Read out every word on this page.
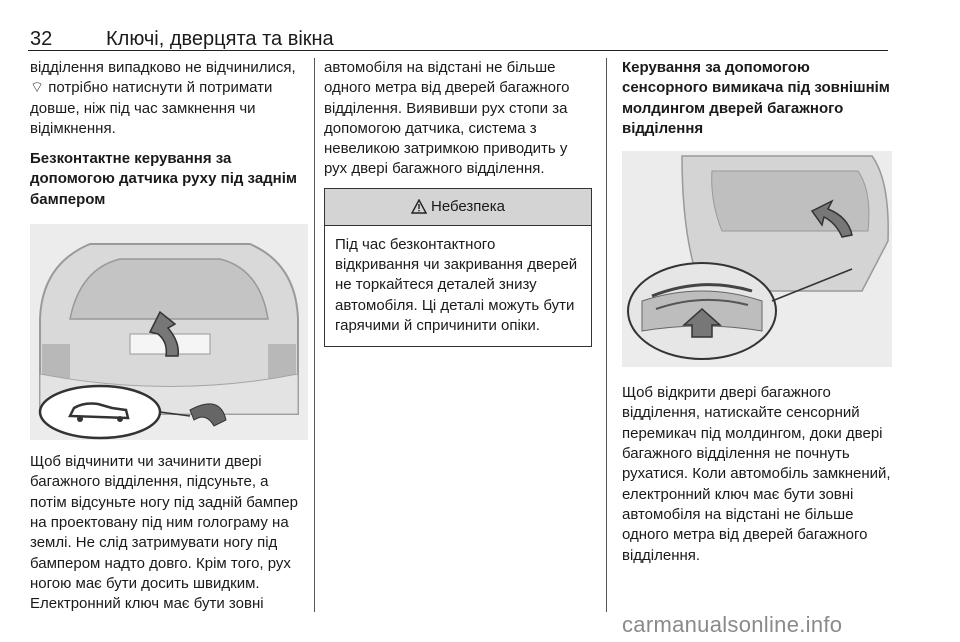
32	Ключі, дверцята та вікна

відділення випадково не відчинилися, ⌔ потрібно натиснути й потримати довше, ніж під час замкнення чи відімкнення.

Безконтактне керування за допомогою датчика руху під заднім бампером

Щоб відчинити чи зачинити двері багажного відділення, підсуньте, а потім відсуньте ногу під задній бампер на проектовану під ним голограму на землі. Не слід затримувати ногу під бампером надто довго. Крім того, рух ногою має бути досить швидким. Електронний ключ має бути зовні

автомобіля на відстані не більше одного метра від дверей багажного відділення. Виявивши рух стопи за допомогою датчика, система з невеликою затримкою приводить у рух двері багажного відділення.

Небезпека

Під час безконтактного відкривання чи закривання дверей не торкайтеся деталей знизу автомобіля. Ці деталі можуть бути гарячими й спричинити опіки.

Керування за допомогою сенсорного вимикача під зовнішнім молдингом дверей багажного відділення

Щоб відкрити двері багажного відділення, натискайте сенсорний перемикач під молдингом, доки двері багажного відділення не почнуть рухатися. Коли автомобіль замкнений, електронний ключ має бути зовні автомобіля на відстані не більше одного метра від дверей багажного відділення.

carmanualsonline.info
